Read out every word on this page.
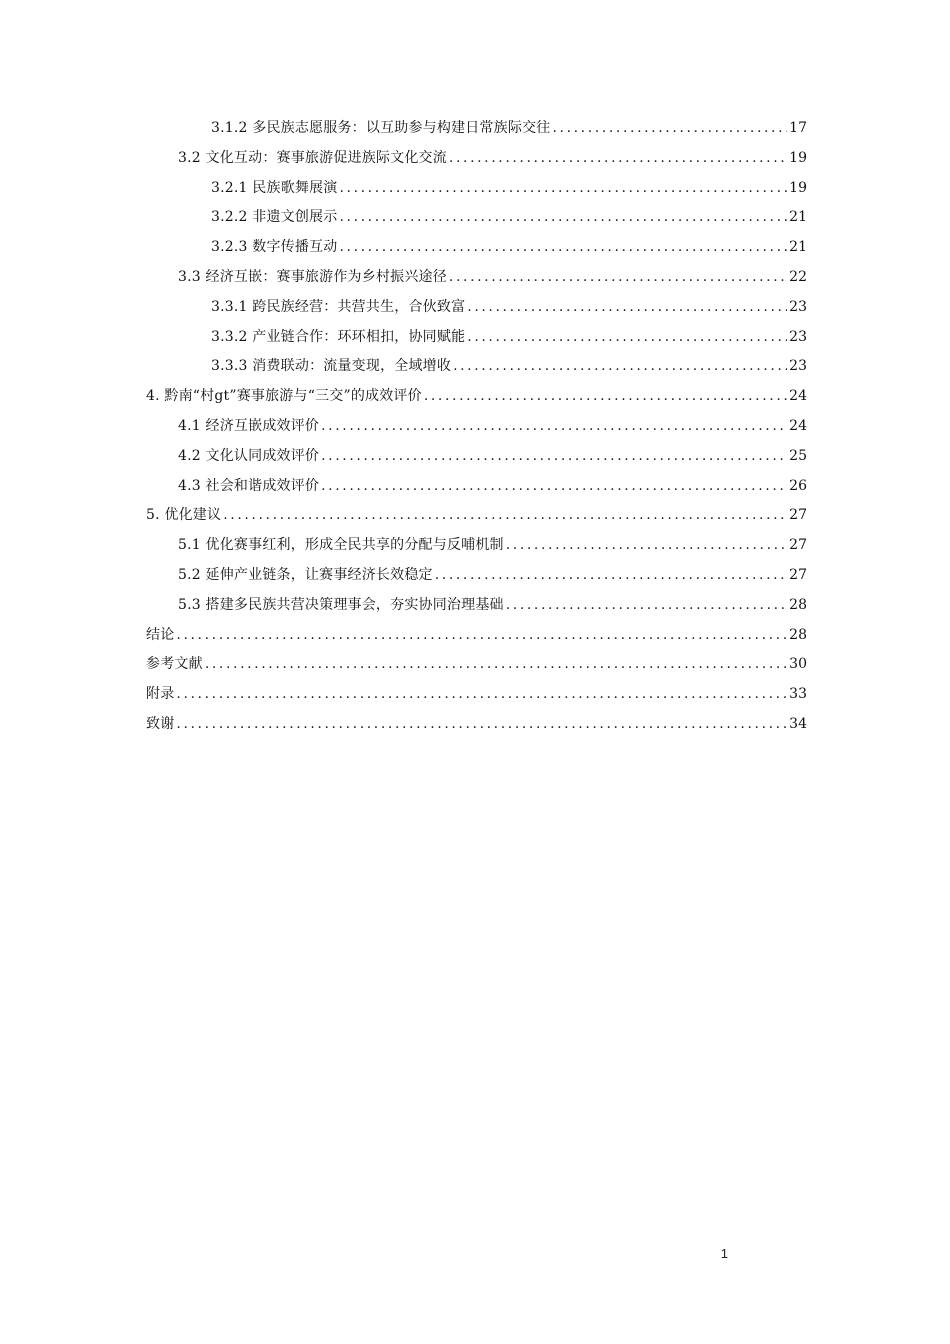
3.1.2 多民族志愿服务：以互助参与构建日常族际交往 .....	17
3.2 文化互动：赛事旅游促进族际文化交流 .....	19
3.2.1 民族歌舞展演 .....	19
3.2.2 非遗文创展示 .....	21
3.2.3 数字传播互动 .....	21
3.3 经济互嵌：赛事旅游作为乡村振兴途径 .....	22
3.3.1 跨民族经营：共营共生，合伙致富 .....	23
3.3.2 产业链合作：环环相扣，协同赋能 .....	23
3.3.3 消费联动：流量变现，全域增收 .....	23
4. 黔南“村gt”赛事旅游与“三交”的成效评价 .....	24
4.1 经济互嵌成效评价 .....	24
4.2 文化认同成效评价 .....	25
4.3 社会和谐成效评价 .....	26
5. 优化建议 .....	27
5.1 优化赛事红利，形成全民共享的分配与反哺机制 .....	27
5.2 延伸产业链条，让赛事经济长效稳定 .....	27
5.3 搭建多民族共营决策理事会，夯实协同治理基础 .....	28
结论 .....	28
参考文献 .....	30
附录 .....	33
致谢 .....	34
1
